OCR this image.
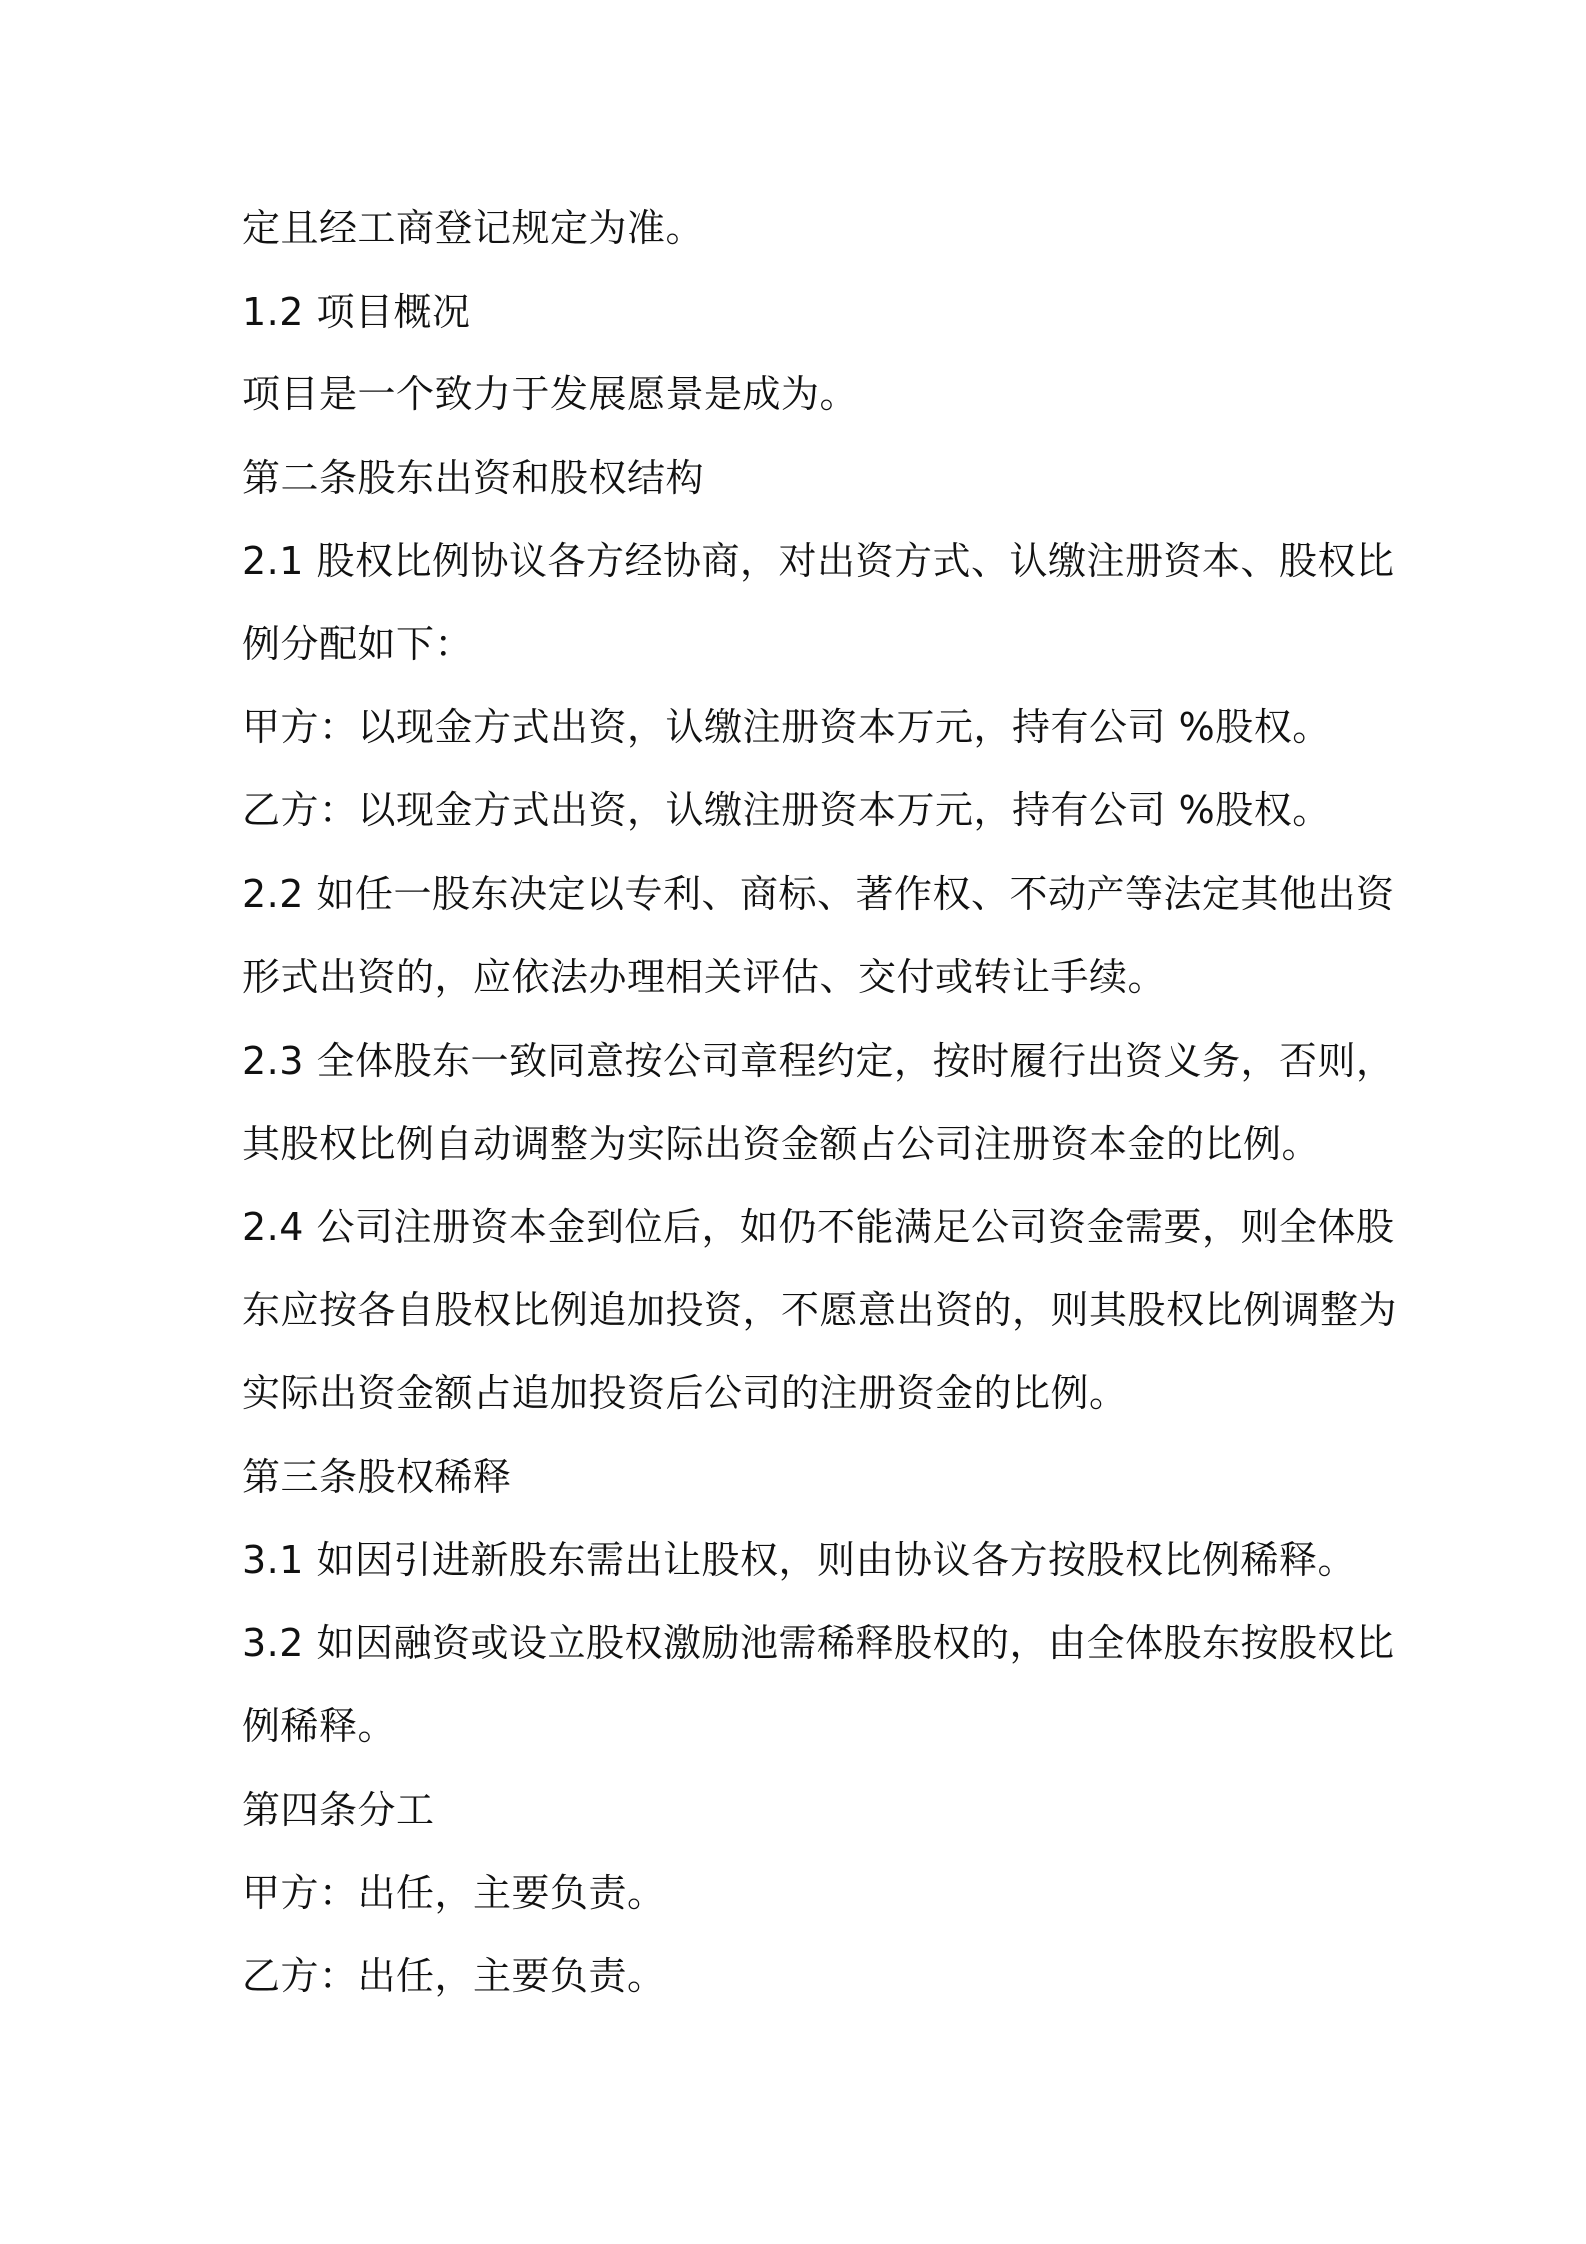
定且经工商登记规定为准。
1.2 项目概况
项目是一个致力于发展愿景是成为。
第二条股东出资和股权结构
2.1 股权比例协议各方经协商，对出资方式、认缴注册资本、股权比
例分配如下：
甲方：以现金方式出资，认缴注册资本万元，持有公司 %股权。
乙方：以现金方式出资，认缴注册资本万元，持有公司 %股权。
2.2 如任一股东决定以专利、商标、著作权、不动产等法定其他出资
形式出资的，应依法办理相关评估、交付或转让手续。
2.3 全体股东一致同意按公司章程约定，按时履行出资义务，否则，
其股权比例自动调整为实际出资金额占公司注册资本金的比例。
2.4 公司注册资本金到位后，如仍不能满足公司资金需要，则全体股
东应按各自股权比例追加投资，不愿意出资的，则其股权比例调整为
实际出资金额占追加投资后公司的注册资金的比例。
第三条股权稀释
3.1 如因引进新股东需出让股权，则由协议各方按股权比例稀释。
3.2 如因融资或设立股权激励池需稀释股权的，由全体股东按股权比
例稀释。
第四条分工
甲方：出任，主要负责。
乙方：出任，主要负责。
